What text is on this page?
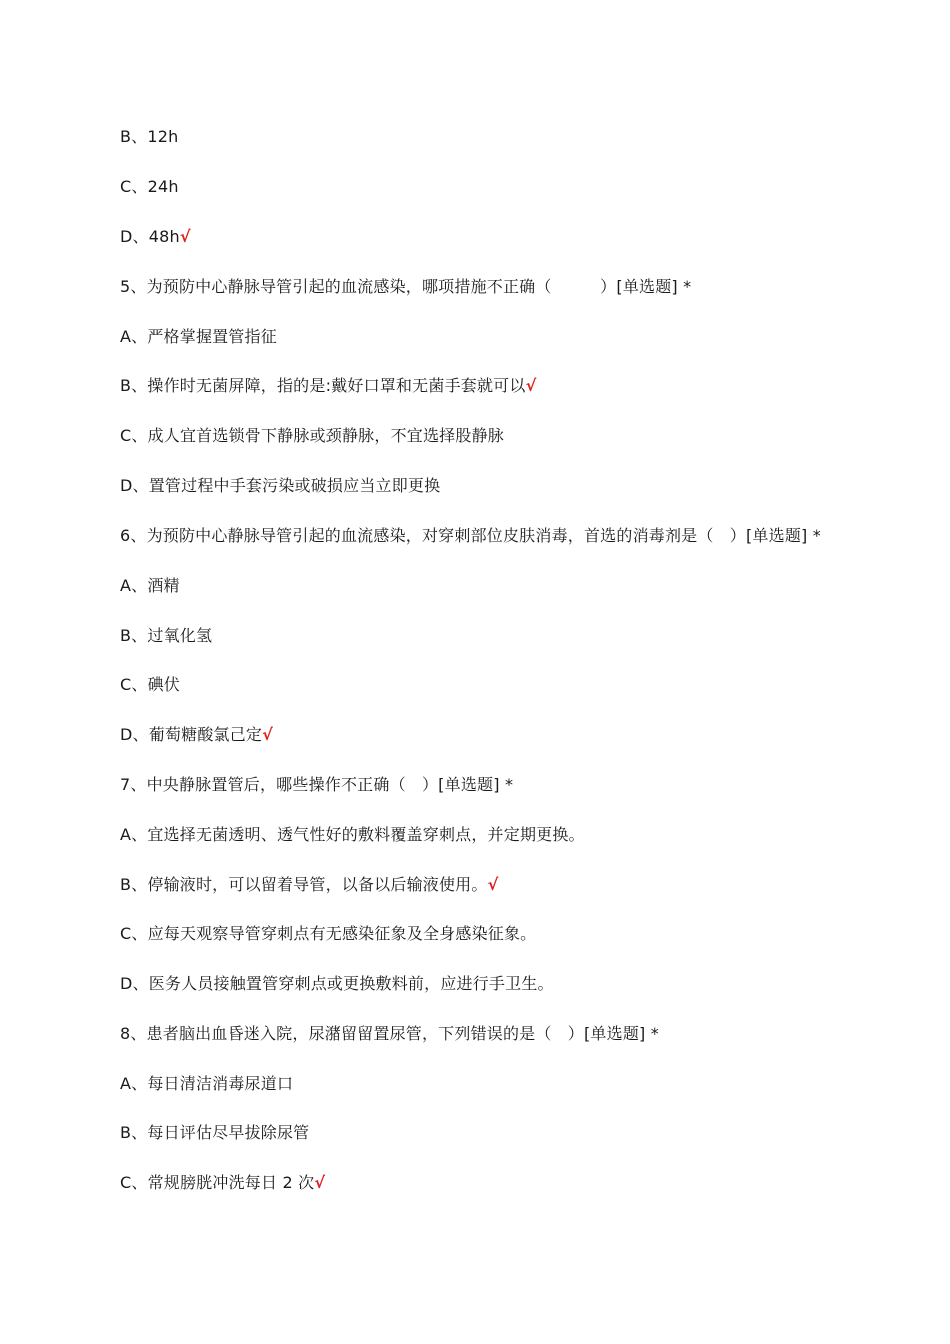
B、12h
C、24h
D、48h√
5、为预防中心静脉导管引起的血流感染，哪项措施不正确（　　　）[单选题] *
A、严格掌握置管指征
B、操作时无菌屏障，指的是:戴好口罩和无菌手套就可以√
C、成人宜首选锁骨下静脉或颈静脉，不宜选择股静脉
D、置管过程中手套污染或破损应当立即更换
6、为预防中心静脉导管引起的血流感染，对穿刺部位皮肤消毒，首选的消毒剂是（　）[单选题] *
A、酒精
B、过氧化氢
C、碘伏
D、葡萄糖酸氯己定√
7、中央静脉置管后，哪些操作不正确（　）[单选题] *
A、宜选择无菌透明、透气性好的敷料覆盖穿刺点，并定期更换。
B、停输液时，可以留着导管，以备以后输液使用。√
C、应每天观察导管穿刺点有无感染征象及全身感染征象。
D、医务人员接触置管穿刺点或更换敷料前，应进行手卫生。
8、患者脑出血昏迷入院，尿潴留留置尿管，下列错误的是（　）[单选题] *
A、每日清洁消毒尿道口
B、每日评估尽早拔除尿管
C、常规膀胱冲洗每日 2 次√
